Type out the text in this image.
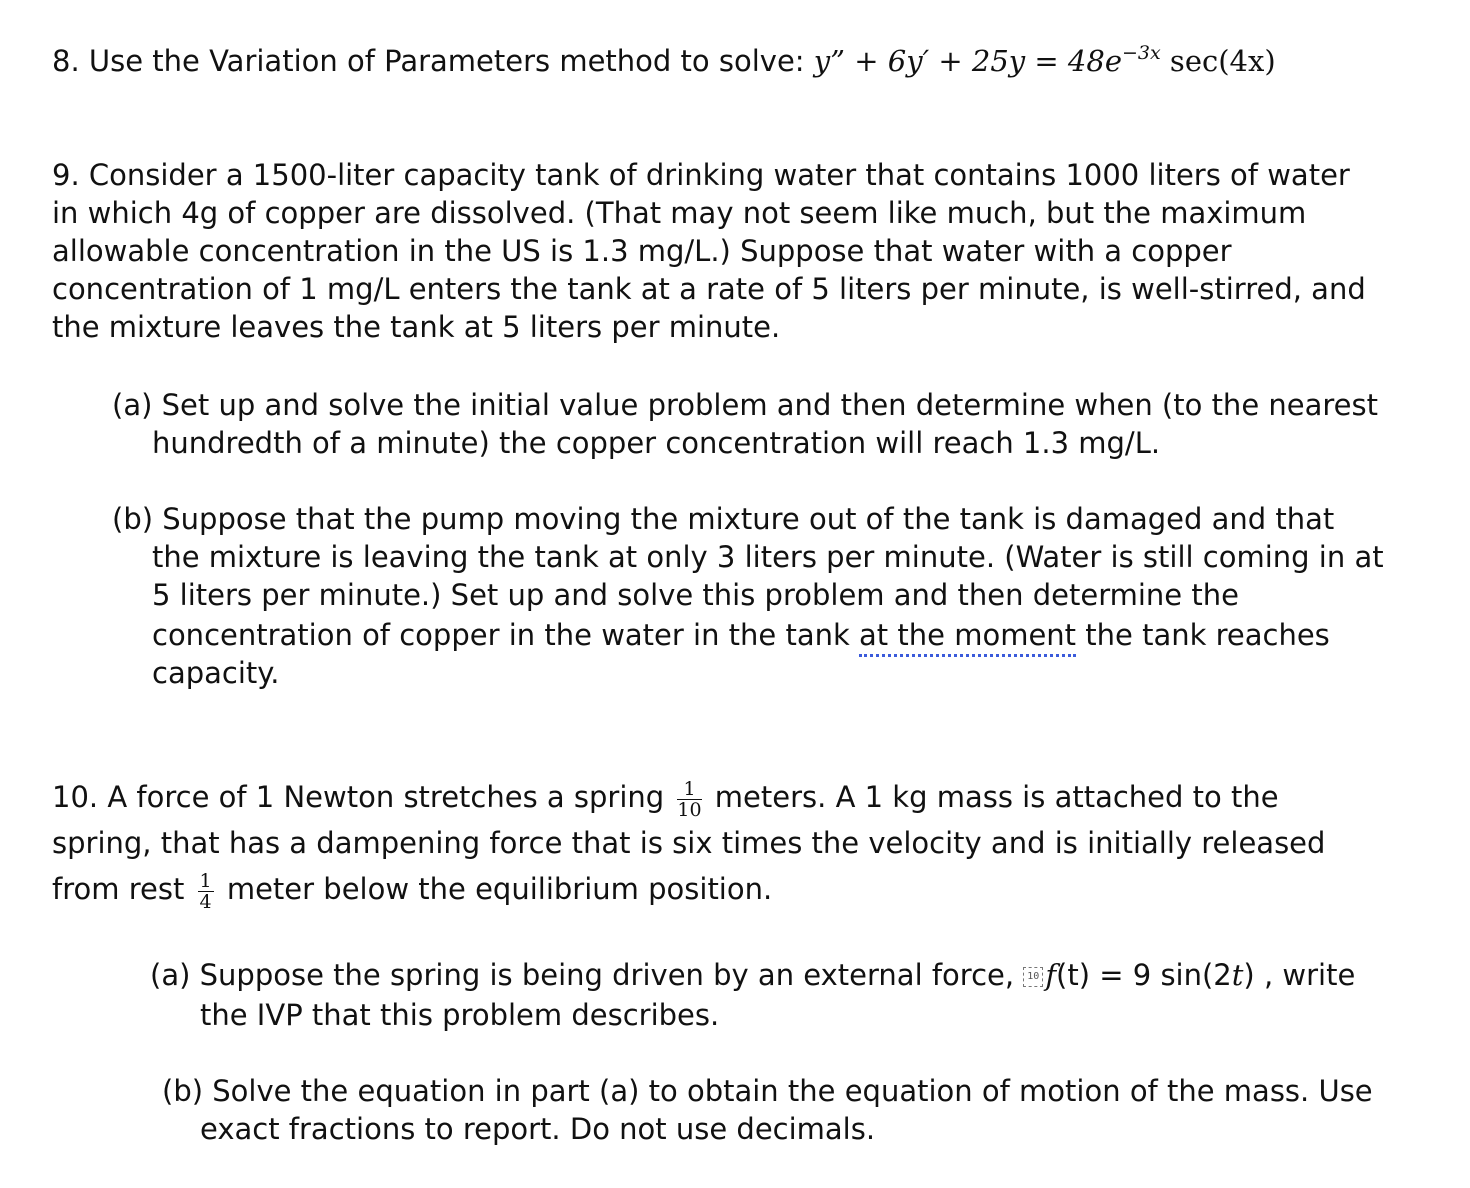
8. Use the Variation of Parameters method to solve: y” + $6y' + 25y = 48e^{-3x}$ sec(4x)
9. Consider a 1500-liter capacity tank of drinking water that contains 1000 liters of water
in which 4g of copper are dissolved. (That may not seem like much, but the maximum
allowable concentration in the US is 1.3 mg/L.) Suppose that water with a copper
concentration of 1 mg/L enters the tank at a rate of 5 liters per minute, is well-stirred, and
the mixture leaves the tank at 5 liters per minute.
(a) Set up and solve the initial value problem and then determine when (to the nearest
hundredth of a minute) the copper concentration will reach 1.3 mg/L.
(b) Suppose that the pump moving the mixture out of the tank is damaged and that
the mixture is leaving the tank at only 3 liters per minute. (Water is still coming in at
5 liters per minute.) Set up and solve this problem and then determine the
concentration of copper in the water in the tank at the moment the tank reaches
capacity.
10. A force of 1 Newton stretches a spring $\frac{1}{10}$ meters. A 1 kg mass is attached to the
spring, that has a dampening force that is six times the velocity and is initially released
from rest $\frac{1}{4}$ meter below the equilibrium position.
(a) Suppose the spring is being driven by an external force, 10 f(t) = 9 sin(2t) , write
the IVP that this problem describes.
(b) Solve the equation in part (a) to obtain the equation of motion of the mass. Use
exact fractions to report. Do not use decimals.
